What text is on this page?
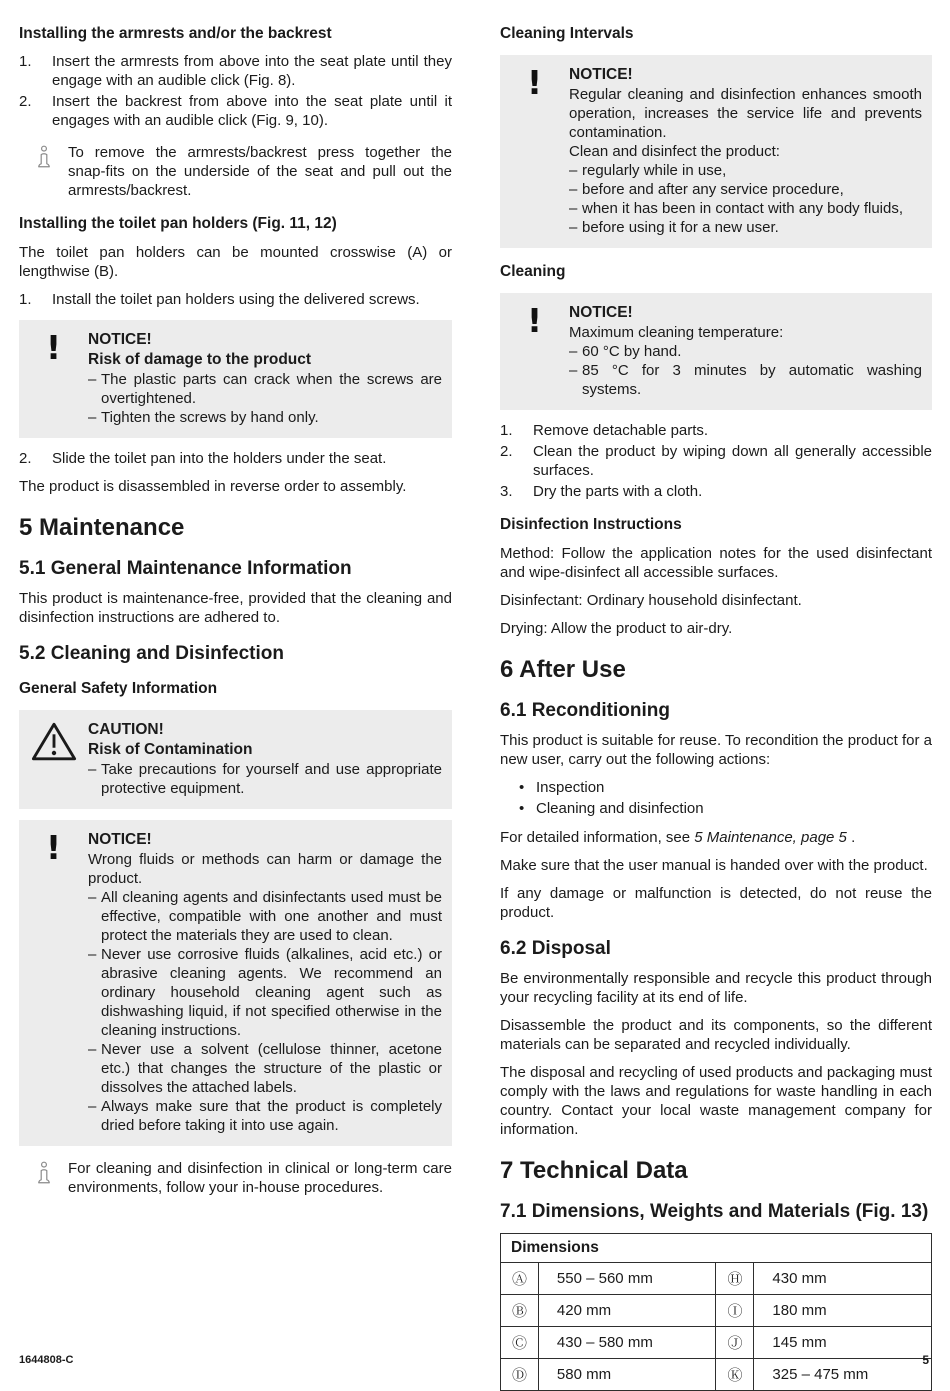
Installing the armrests and/or the backrest
1.	Insert the armrests from above into the seat plate until they engage with an audible click (Fig. 8).
2.	Insert the backrest from above into the seat plate until it engages with an audible click (Fig. 9, 10).
To remove the armrests/backrest press together the snap-fits on the underside of the seat and pull out the armrests/backrest.
Installing the toilet pan holders (Fig. 11, 12)

The toilet pan holders can be mounted crosswise (A) or lengthwise (B).

1.	Install the toilet pan holders using the delivered screws.
! NOTICE!
Risk of damage to the product
– The plastic parts can crack when the screws are overtightened.
– Tighten the screws by hand only.
2.	Slide the toilet pan into the holders under the seat.

The product is disassembled in reverse order to assembly.

5 Maintenance
5.1 General Maintenance Information

This product is maintenance-free, provided that the cleaning and disinfection instructions are adhered to.

5.2 Cleaning and Disinfection
General Safety Information
CAUTION!
Risk of Contamination
– Take precautions for yourself and use appropriate protective equipment.
! NOTICE!
Wrong fluids or methods can harm or damage the product.
– All cleaning agents and disinfectants used must be effective, compatible with one another and must protect the materials they are used to clean.
– Never use corrosive fluids (alkalines, acid etc.) or abrasive cleaning agents. We recommend an ordinary household cleaning agent such as dishwashing liquid, if not specified otherwise in the cleaning instructions.
– Never use a solvent (cellulose thinner, acetone etc.) that changes the structure of the plastic or dissolves the attached labels.
– Always make sure that the product is completely dried before taking it into use again.
For cleaning and disinfection in clinical or long-term care environments, follow your in-house procedures.
Cleaning Intervals
! NOTICE!
Regular cleaning and disinfection enhances smooth operation, increases the service life and prevents contamination.
Clean and disinfect the product:
– regularly while in use,
– before and after any service procedure,
– when it has been in contact with any body fluids,
– before using it for a new user.
Cleaning
! NOTICE!
Maximum cleaning temperature:
– 60 °C by hand.
– 85 °C for 3 minutes by automatic washing systems.
1.	Remove detachable parts.
2.	Clean the product by wiping down all generally accessible surfaces.
3.	Dry the parts with a cloth.
Disinfection Instructions

Method: Follow the application notes for the used disinfectant and wipe-disinfect all accessible surfaces.

Disinfectant: Ordinary household disinfectant.

Drying: Allow the product to air-dry.

6 After Use
6.1 Reconditioning

This product is suitable for reuse. To recondition the product for a new user, carry out the following actions:

• Inspection
• Cleaning and disinfection

For detailed information, see 5 Maintenance, page 5 .

Make sure that the user manual is handed over with the product.

If any damage or malfunction is detected, do not reuse the product.

6.2 Disposal

Be environmentally responsible and recycle this product through your recycling facility at its end of life.

Disassemble the product and its components, so the different materials can be separated and recycled individually.

The disposal and recycling of used products and packaging must comply with the laws and regulations for waste handling in each country. Contact your local waste management company for information.

7 Technical Data
7.1 Dimensions, Weights and Materials (Fig. 13)
Dimensions			
Ⓐ	550 – 560 mm	Ⓗ	430 mm
Ⓑ	420 mm	Ⓘ	180 mm
Ⓒ	430 – 580 mm	Ⓙ	145 mm
Ⓓ	580 mm	Ⓚ	325 – 475 mm
1644808-C	5
